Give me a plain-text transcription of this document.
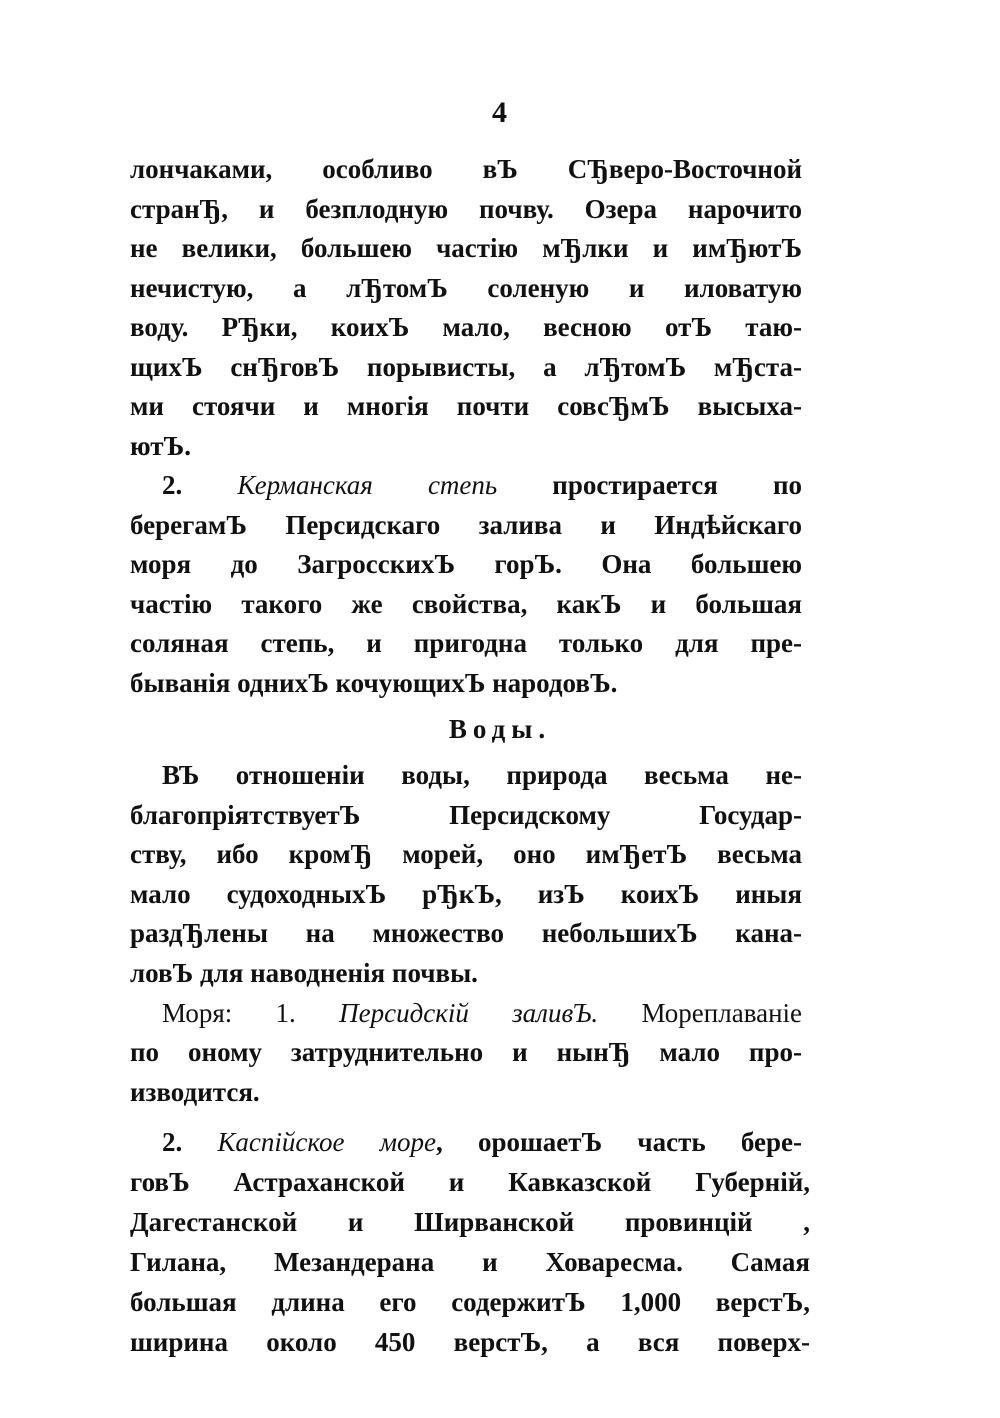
4
лончаками, особливо вЪ СЂверо-Восточной
странЂ, и безплодную почву. Озера нарочито
не велики, большею частію мЂлки и имЂютЪ
нечистую, а лЂтомЪ соленую и иловатую
воду. РЂки, коихЪ мало, весною отЪ таю-
щихЪ снЂговЪ порывисты, а лЂтомЪ мЂста-
ми стоячи и многія почти совсЂмЪ высыха-
ютЪ.
2. Керманская степь простирается по
берегамЪ Персидскаго залива и Индѣйскаго
моря до ЗагросскихЪ горЪ. Она большею
частію такого же свойства, какЪ и большая
соляная степь, и пригодна только для пре-
быванія однихЪ кочующихЪ народовЪ.
Воды.
ВЪ отношеніи воды, природа весьма не-
благопріятствуетЪ Персидскому Государ-
ству, ибо кромЂ морей, оно имЂетЪ весьма
мало судоходныхЪ рЂкЪ, изЪ коихЪ иныя
раздЂлены на множество небольшихЪ кана-
ловЪ для наводненія почвы.
Моря: 1. Персидскій заливЪ. Мореплаваніе
по оному затруднительно и нынЂ мало про-
изводится.
2. Каспійское море, орошаетЪ часть бере-
говЪ Астраханской и Кавказской Губерній,
Дагестанской и Ширванской провинцій ,
Гилана, Мезандерана и Ховаресма. Самая
большая длина его содержитЪ 1,000 верстЪ,
ширина около 450 верстЪ, а вся поверх-
